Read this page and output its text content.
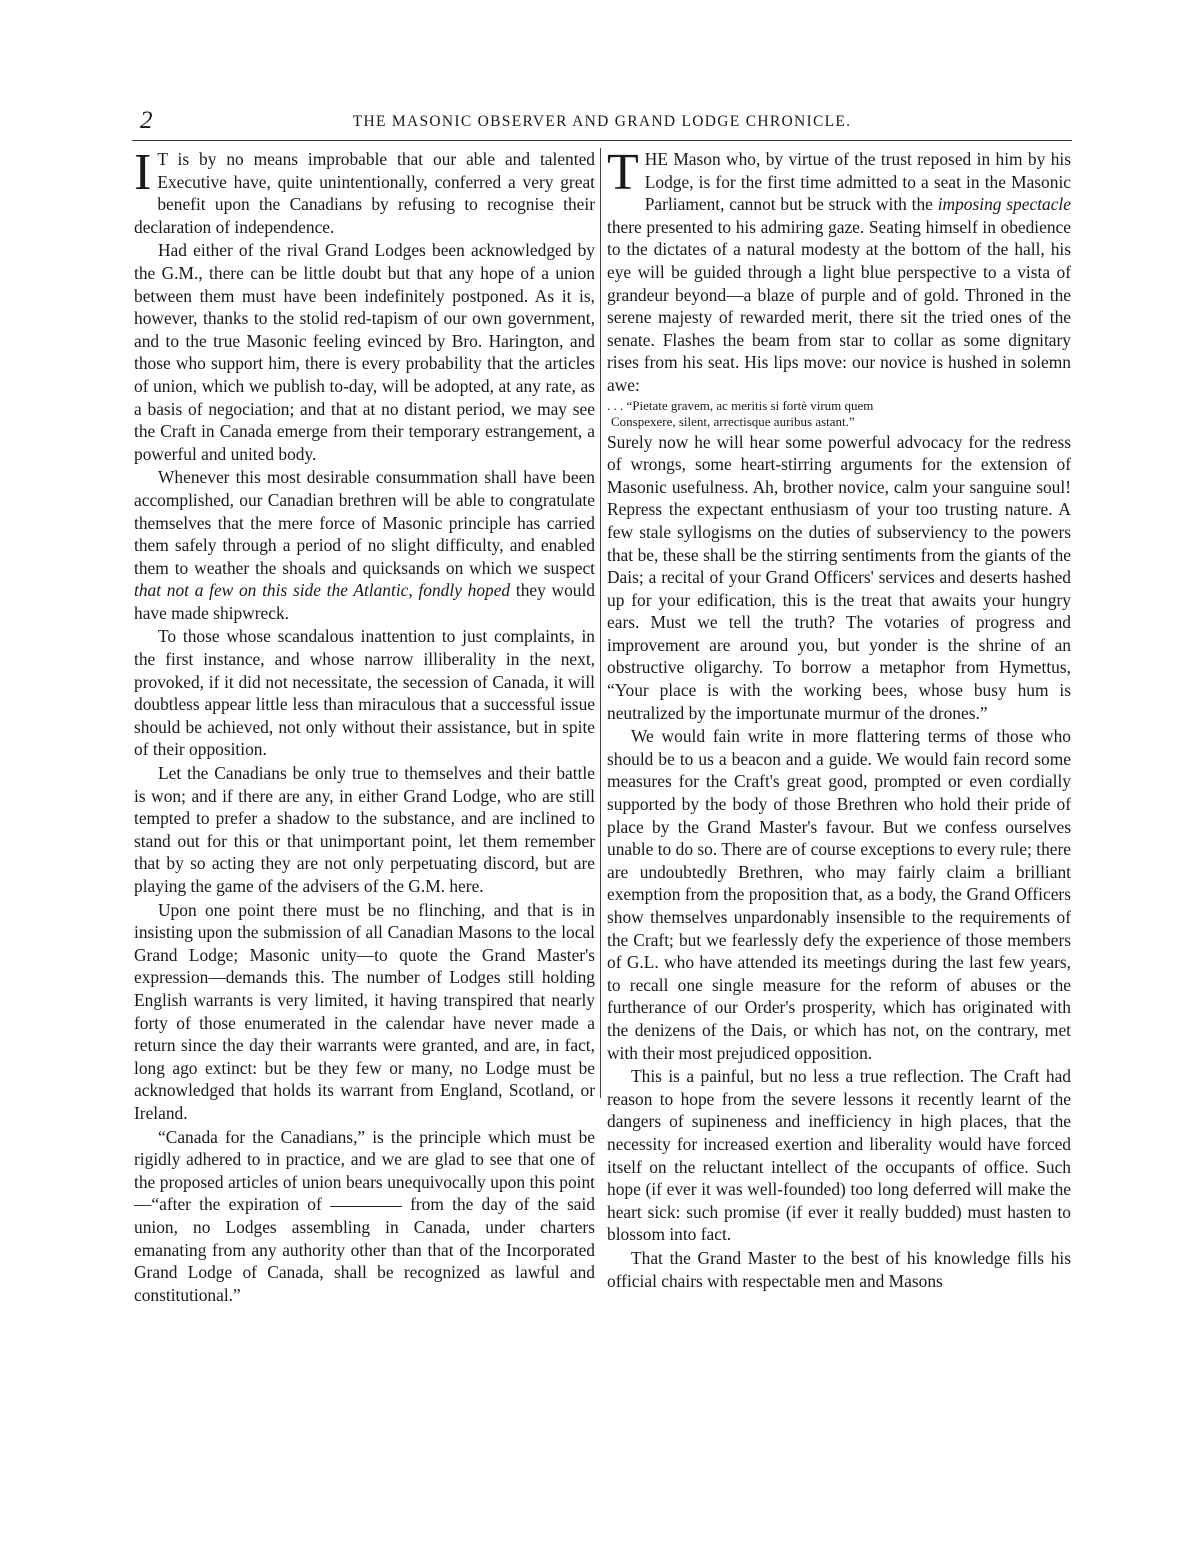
2	THE MASONIC OBSERVER AND GRAND LODGE CHRONICLE.

I T is by no means improbable that our able and talented Executive have, quite unintentionally, conferred a very great benefit upon the Canadians by refusing to recognise their declaration of independence.

Had either of the rival Grand Lodges been acknowledged by the G.M., there can be little doubt but that any hope of a union between them must have been indefinitely postponed. As it is, however, thanks to the stolid red-tapism of our own government, and to the true Masonic feeling evinced by Bro. Harington, and those who support him, there is every probability that the articles of union, which we publish to-day, will be adopted, at any rate, as a basis of negociation; and that at no distant period, we may see the Craft in Canada emerge from their temporary estrangement, a powerful and united body.

Whenever this most desirable consummation shall have been accomplished, our Canadian brethren will be able to congratulate themselves that the mere force of Masonic principle has carried them safely through a period of no slight difficulty, and enabled them to weather the shoals and quicksands on which we suspect that not a few on this side the Atlantic, fondly hoped they would have made shipwreck.

To those whose scandalous inattention to just complaints, in the first instance, and whose narrow illiberality in the next, provoked, if it did not necessitate, the secession of Canada, it will doubtless appear little less than miraculous that a successful issue should be achieved, not only without their assistance, but in spite of their opposition.

Let the Canadians be only true to themselves and their battle is won; and if there are any, in either Grand Lodge, who are still tempted to prefer a shadow to the substance, and are inclined to stand out for this or that unimportant point, let them remember that by so acting they are not only perpetuating discord, but are playing the game of the advisers of the G.M. here.

Upon one point there must be no flinching, and that is in insisting upon the submission of all Canadian Masons to the local Grand Lodge; Masonic unity—to quote the Grand Master's expression—demands this. The number of Lodges still holding English warrants is very limited, it having transpired that nearly forty of those enumerated in the calendar have never made a return since the day their warrants were granted, and are, in fact, long ago extinct: but be they few or many, no Lodge must be acknowledged that holds its warrant from England, Scotland, or Ireland.

“Canada for the Canadians,” is the principle which must be rigidly adhered to in practice, and we are glad to see that one of the proposed articles of union bears unequivocally upon this point—“after the expiration of	from the day of the said union, no Lodges assembling in Canada, under charters emanating from any authority other than that of the Incorporated Grand Lodge of Canada, shall be recognized as lawful and constitutional.”

THE Mason who, by virtue of the trust reposed in him by his Lodge, is for the first time admitted to a seat in the Masonic Parliament, cannot but be struck with the imposing spectacle there presented to his admiring gaze. Seating himself in obedience to the dictates of a natural modesty at the bottom of the hall, his eye will be guided through a light blue perspective to a vista of grandeur beyond—a blaze of purple and of gold. Throned in the serene majesty of rewarded merit, there sit the tried ones of the senate. Flashes the beam from star to collar as some dignitary rises from his seat. His lips move: our novice is hushed in solemn awe:

. . . “Pietate gravem, ac meritis si fortè virum quem

Conspexere, silent, arrectisque auribus astant.”

Surely now he will hear some powerful advocacy for the redress of wrongs, some heart-stirring arguments for the extension of Masonic usefulness. Ah, brother novice, calm your sanguine soul! Repress the expectant enthusiasm of your too trusting nature. A few stale syllogisms on the duties of subserviency to the powers that be, these shall be the stirring sentiments from the giants of the Dais; a recital of your Grand Officers' services and deserts hashed up for your edification, this is the treat that awaits your hungry ears. Must we tell the truth? The votaries of progress and improvement are around you, but yonder is the shrine of an obstructive oligarchy. To borrow a metaphor from Hymettus, “Your place is with the working bees, whose busy hum is neutralized by the importunate murmur of the drones.”

We would fain write in more flattering terms of those who should be to us a beacon and a guide. We would fain record some measures for the Craft's great good, prompted or even cordially supported by the body of those Brethren who hold their pride of place by the Grand Master's favour. But we confess ourselves unable to do so. There are of course exceptions to every rule; there are undoubtedly Brethren, who may fairly claim a brilliant exemption from the proposition that, as a body, the Grand Officers show themselves unpardonably insensible to the requirements of the Craft; but we fearlessly defy the experience of those members of G.L. who have attended its meetings during the last few years, to recall one single measure for the reform of abuses or the furtherance of our Order's prosperity, which has originated with the denizens of the Dais, or which has not, on the contrary, met with their most prejudiced opposition.

This is a painful, but no less a true reflection. The Craft had reason to hope from the severe lessons it recently learnt of the dangers of supineness and inefficiency in high places, that the necessity for increased exertion and liberality would have forced itself on the reluctant intellect of the occupants of office. Such hope (if ever it was well-founded) too long deferred will make the heart sick: such promise (if ever it really budded) must hasten to blossom into fact.

That the Grand Master to the best of his knowledge fills his official chairs with respectable men and Masons
